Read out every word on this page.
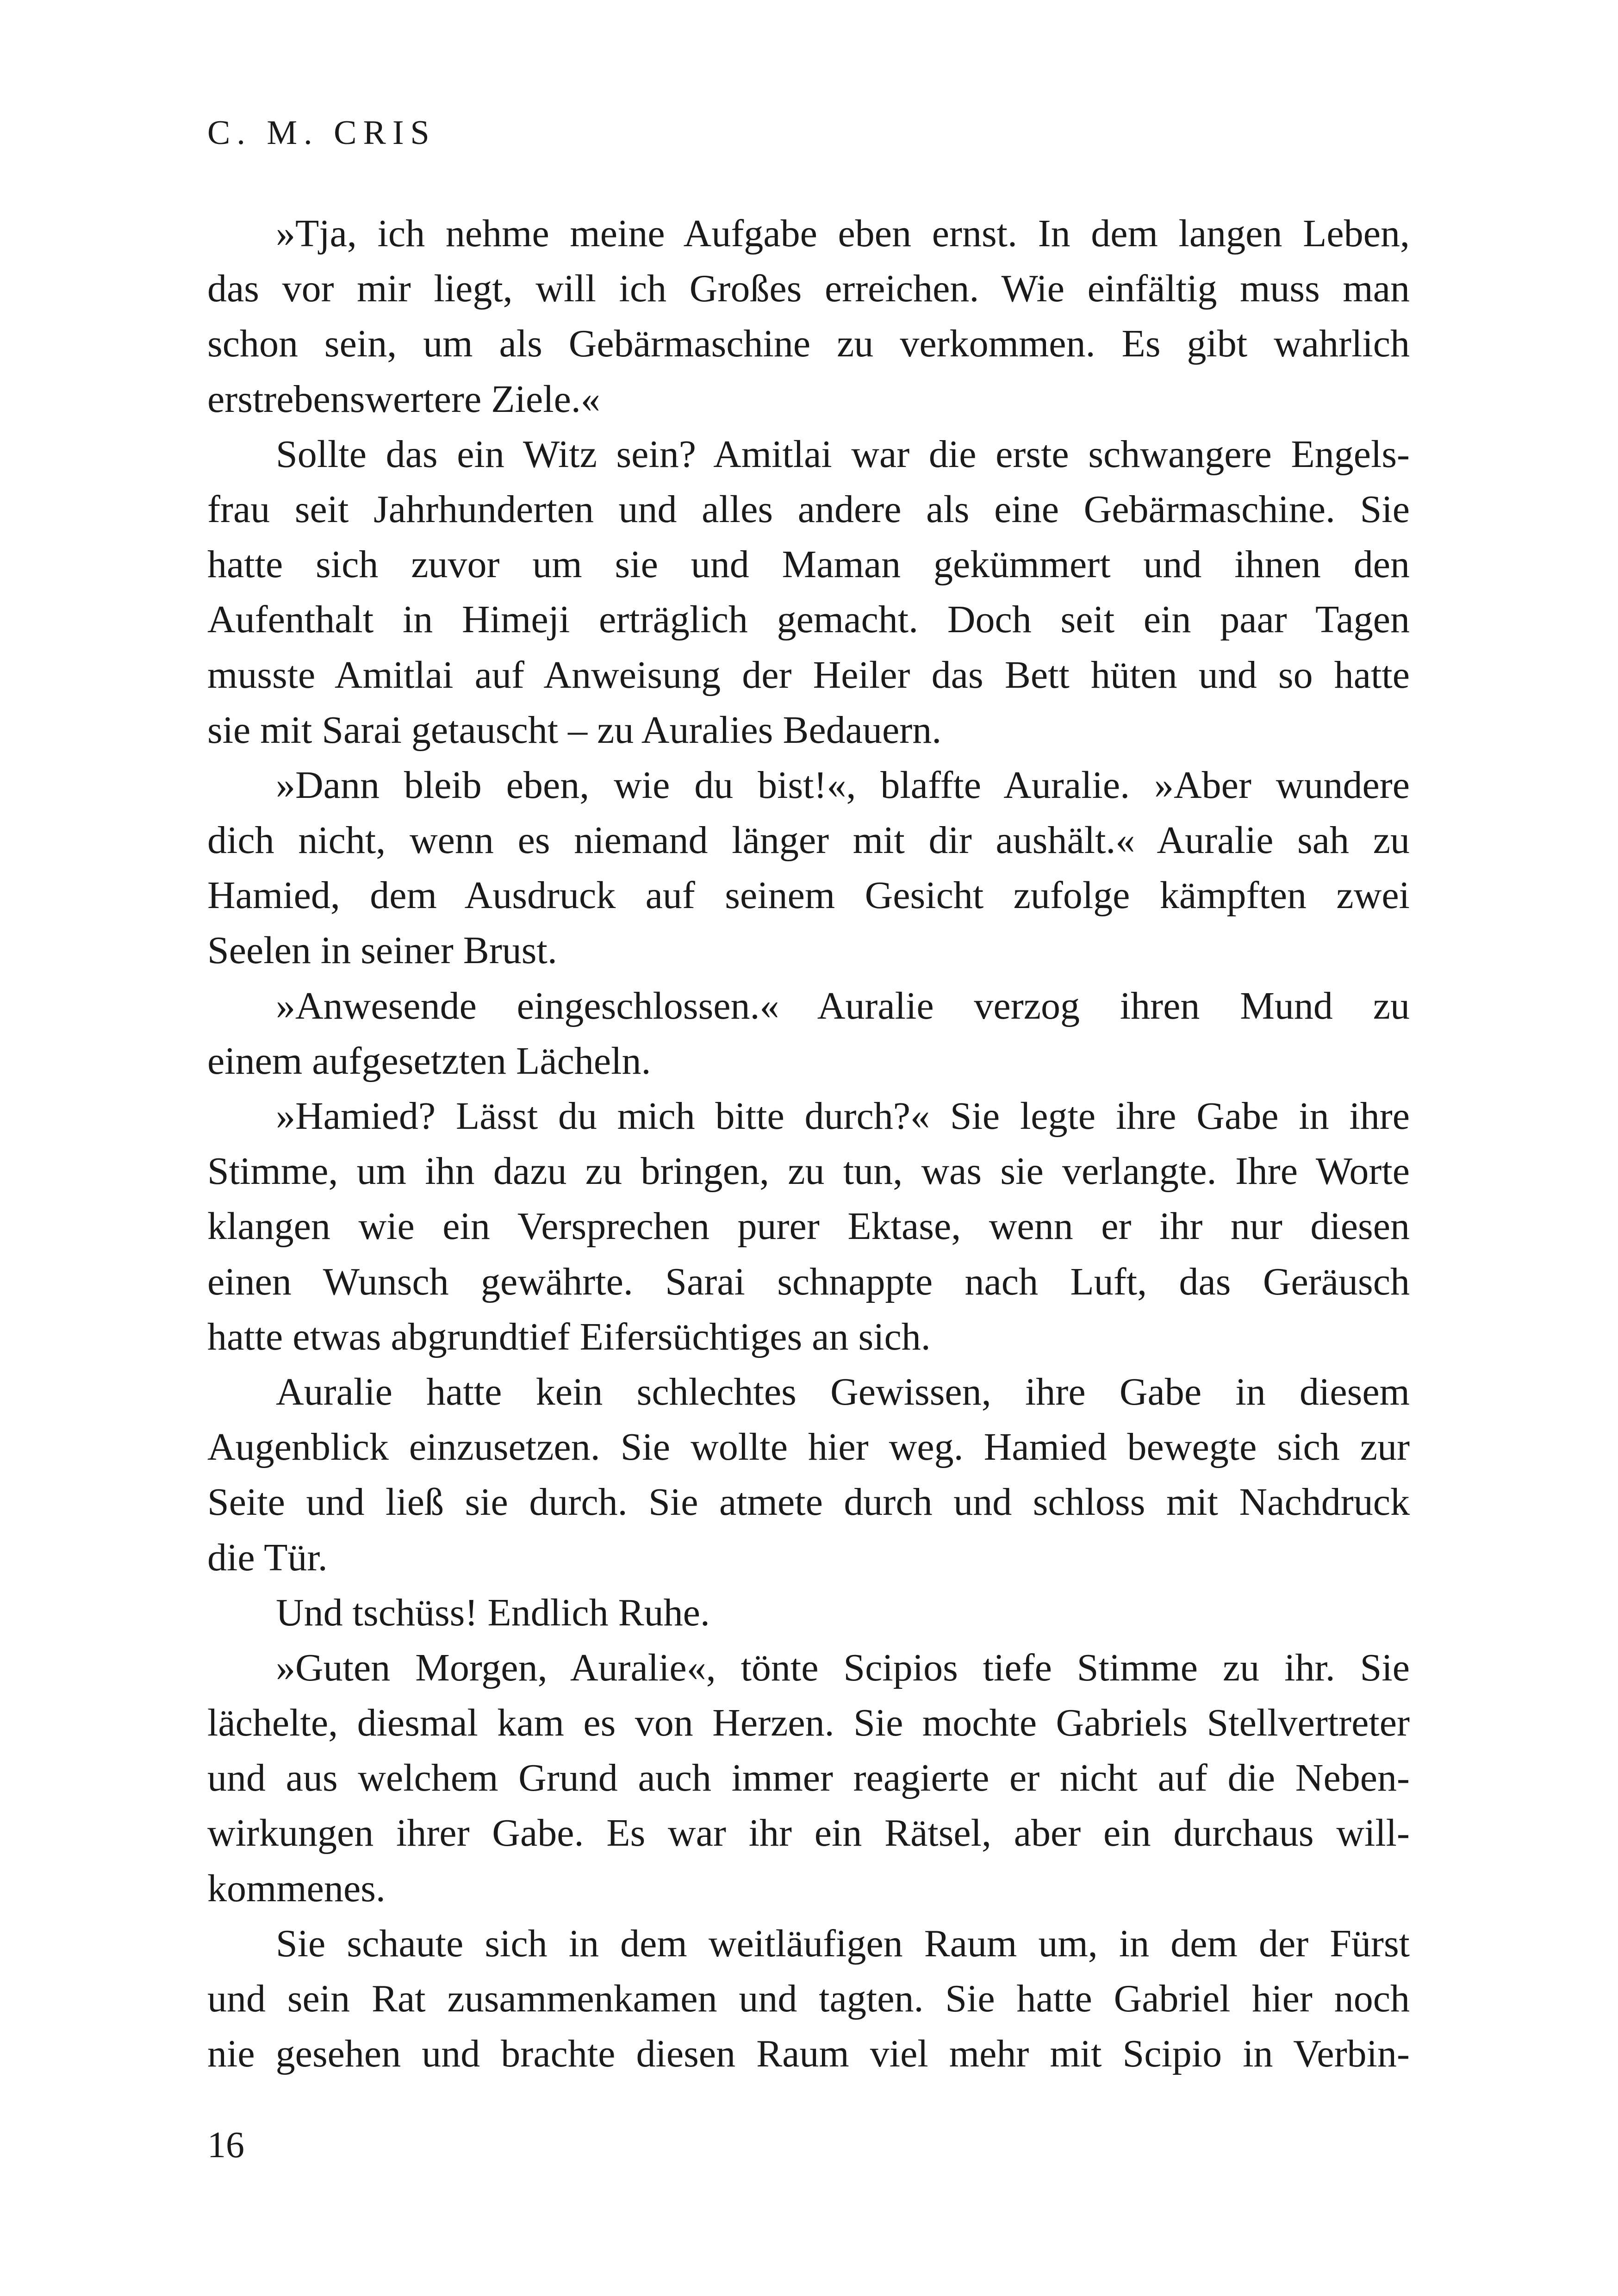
C. M. CRIS
»Tja, ich nehme meine Aufgabe eben ernst. In dem langen Leben,
das vor mir liegt, will ich Großes erreichen. Wie einfältig muss man
schon sein, um als Gebärmaschine zu verkommen. Es gibt wahrlich
erstrebenswertere Ziele.«
Sollte das ein Witz sein? Amitlai war die erste schwangere Engels-
frau seit Jahrhunderten und alles andere als eine Gebärmaschine. Sie
hatte sich zuvor um sie und Maman gekümmert und ihnen den
Aufenthalt in Himeji erträglich gemacht. Doch seit ein paar Tagen
musste Amitlai auf Anweisung der Heiler das Bett hüten und so hatte
sie mit Sarai getauscht – zu Auralies Bedauern.
»Dann bleib eben, wie du bist!«, blaffte Auralie. »Aber wundere
dich nicht, wenn es niemand länger mit dir aushält.« Auralie sah zu
Hamied, dem Ausdruck auf seinem Gesicht zufolge kämpften zwei
Seelen in seiner Brust.
»Anwesende eingeschlossen.« Auralie verzog ihren Mund zu
einem aufgesetzten Lächeln.
»Hamied? Lässt du mich bitte durch?« Sie legte ihre Gabe in ihre
Stimme, um ihn dazu zu bringen, zu tun, was sie verlangte. Ihre Worte
klangen wie ein Versprechen purer Ektase, wenn er ihr nur diesen
einen Wunsch gewährte. Sarai schnappte nach Luft, das Geräusch
hatte etwas abgrundtief Eifersüchtiges an sich.
Auralie hatte kein schlechtes Gewissen, ihre Gabe in diesem
Augenblick einzusetzen. Sie wollte hier weg. Hamied bewegte sich zur
Seite und ließ sie durch. Sie atmete durch und schloss mit Nachdruck
die Tür.
Und tschüss! Endlich Ruhe.
»Guten Morgen, Auralie«, tönte Scipios tiefe Stimme zu ihr. Sie
lächelte, diesmal kam es von Herzen. Sie mochte Gabriels Stellvertreter
und aus welchem Grund auch immer reagierte er nicht auf die Neben-
wirkungen ihrer Gabe. Es war ihr ein Rätsel, aber ein durchaus will-
kommenes.
Sie schaute sich in dem weitläufigen Raum um, in dem der Fürst
und sein Rat zusammenkamen und tagten. Sie hatte Gabriel hier noch
nie gesehen und brachte diesen Raum viel mehr mit Scipio in Verbin-
16
